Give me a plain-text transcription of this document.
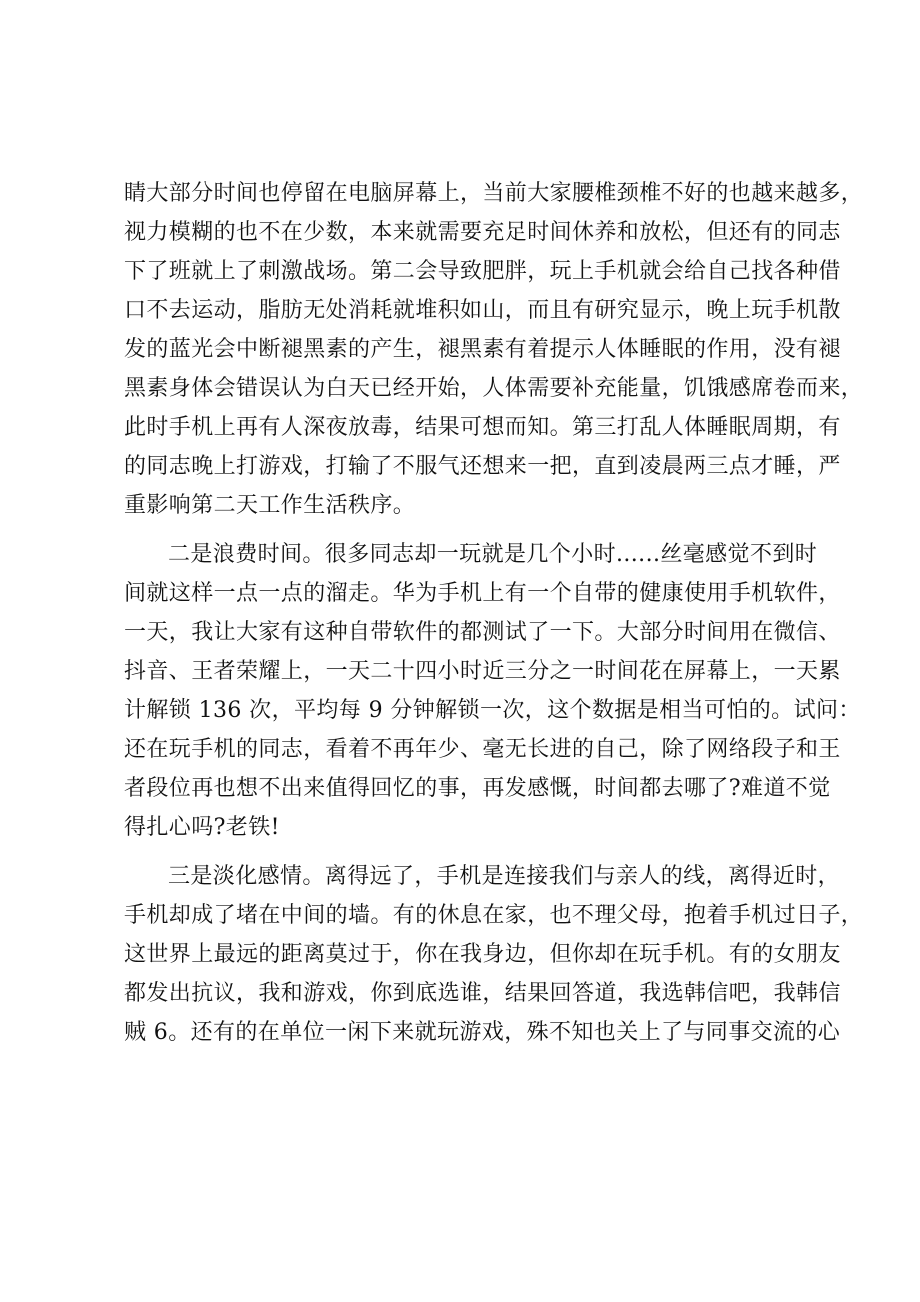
睛大部分时间也停留在电脑屏幕上，当前大家腰椎颈椎不好的也越来越多，
视力模糊的也不在少数，本来就需要充足时间休养和放松，但还有的同志
下了班就上了刺激战场。第二会导致肥胖，玩上手机就会给自己找各种借
口不去运动，脂肪无处消耗就堆积如山，而且有研究显示，晚上玩手机散
发的蓝光会中断褪黑素的产生，褪黑素有着提示人体睡眠的作用，没有褪
黑素身体会错误认为白天已经开始，人体需要补充能量，饥饿感席卷而来，
此时手机上再有人深夜放毒，结果可想而知。第三打乱人体睡眠周期，有
的同志晚上打游戏，打输了不服气还想来一把，直到凌晨两三点才睡，严
重影响第二天工作生活秩序。
二是浪费时间。很多同志却一玩就是几个小时......丝毫感觉不到时
间就这样一点一点的溜走。华为手机上有一个自带的健康使用手机软件，
一天，我让大家有这种自带软件的都测试了一下。大部分时间用在微信、
抖音、王者荣耀上，一天二十四小时近三分之一时间花在屏幕上，一天累
计解锁 136 次，平均每 9 分钟解锁一次，这个数据是相当可怕的。试问：
还在玩手机的同志，看着不再年少、毫无长进的自己，除了网络段子和王
者段位再也想不出来值得回忆的事，再发感慨，时间都去哪了?难道不觉
得扎心吗?老铁!
三是淡化感情。离得远了，手机是连接我们与亲人的线，离得近时，
手机却成了堵在中间的墙。有的休息在家，也不理父母，抱着手机过日子，
这世界上最远的距离莫过于，你在我身边，但你却在玩手机。有的女朋友
都发出抗议，我和游戏，你到底选谁，结果回答道，我选韩信吧，我韩信
贼 6。还有的在单位一闲下来就玩游戏，殊不知也关上了与同事交流的心
